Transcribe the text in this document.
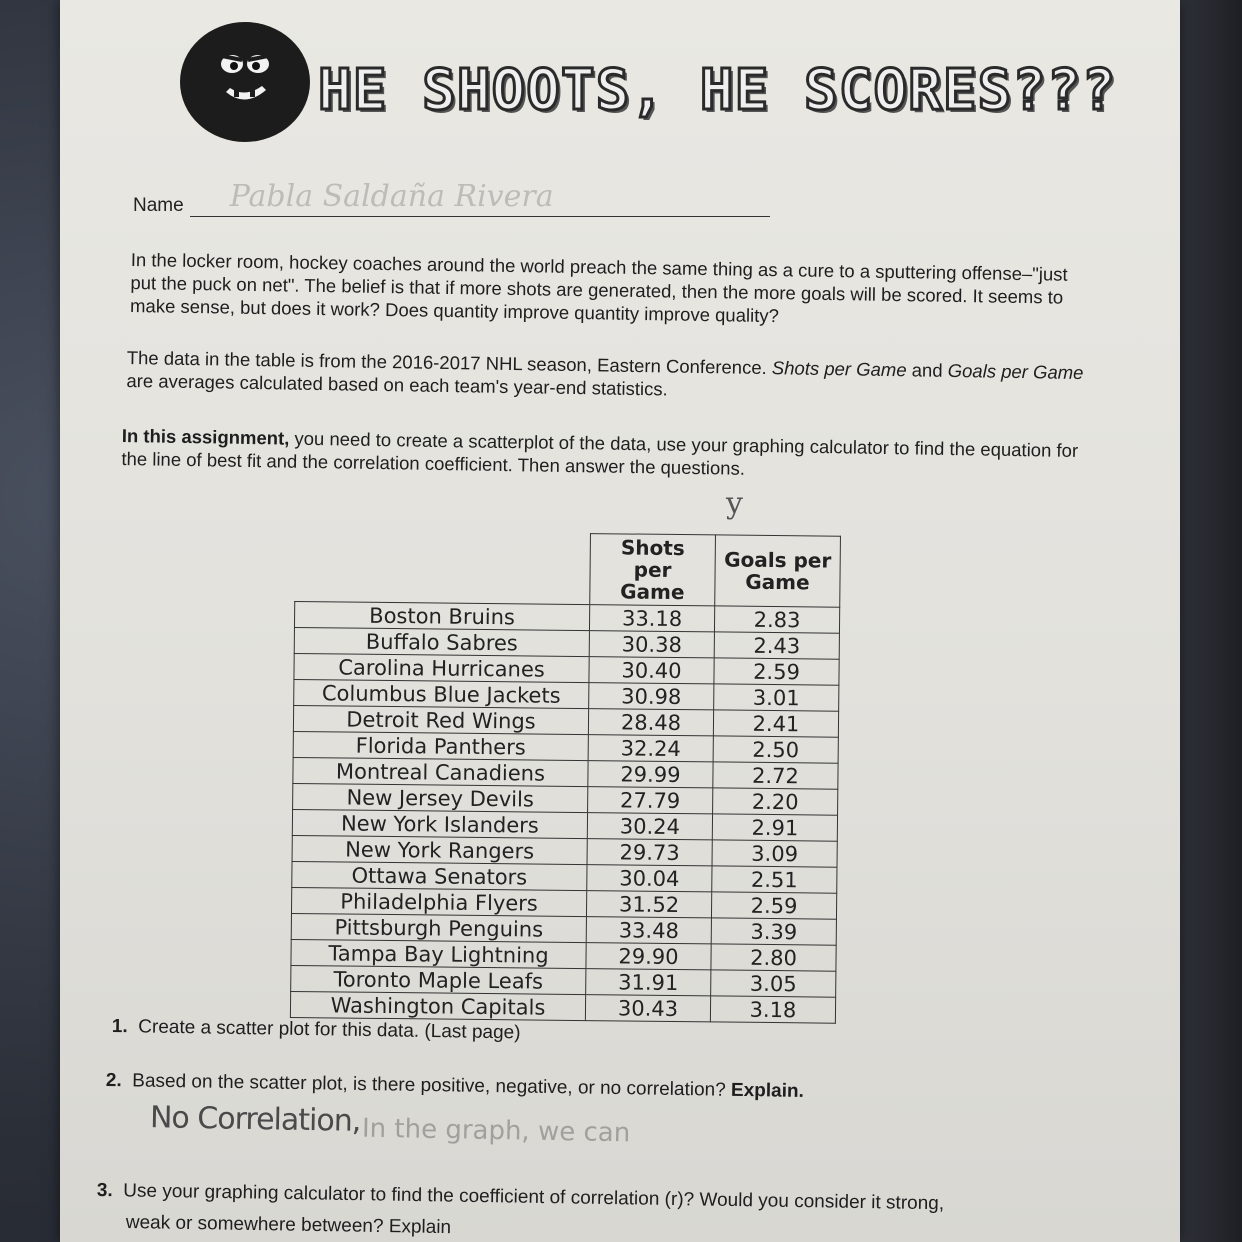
HE SHOOTS, HE SCORES???
Name Pabla Saldaña Rivera
In the locker room, hockey coaches around the world preach the same thing as a cure to a sputtering offense–"just put the puck on net". The belief is that if more shots are generated, then the more goals will be scored. It seems to make sense, but does it work? Does quantity improve quantity improve quality?
The data in the table is from the 2016-2017 NHL season, Eastern Conference. Shots per Game and Goals per Game are averages calculated based on each team's year-end statistics.
In this assignment, you need to create a scatterplot of the data, use your graphing calculator to find the equation for the line of best fit and the correlation coefficient. Then answer the questions.
y
	Shots per Game	Goals per Game
Boston Bruins	33.18	2.83
Buffalo Sabres	30.38	2.43
Carolina Hurricanes	30.40	2.59
Columbus Blue Jackets	30.98	3.01
Detroit Red Wings	28.48	2.41
Florida Panthers	32.24	2.50
Montreal Canadiens	29.99	2.72
New Jersey Devils	27.79	2.20
New York Islanders	30.24	2.91
New York Rangers	29.73	3.09
Ottawa Senators	30.04	2.51
Philadelphia Flyers	31.52	2.59
Pittsburgh Penguins	33.48	3.39
Tampa Bay Lightning	29.90	2.80
Toronto Maple Leafs	31.91	3.05
Washington Capitals	30.43	3.18
1. Create a scatter plot for this data. (Last page)
2. Based on the scatter plot, is there positive, negative, or no correlation? Explain.
No Correlation, In the graph, we can
3. Use your graphing calculator to find the coefficient of correlation (r)? Would you consider it strong,
weak or somewhere between? Explain
